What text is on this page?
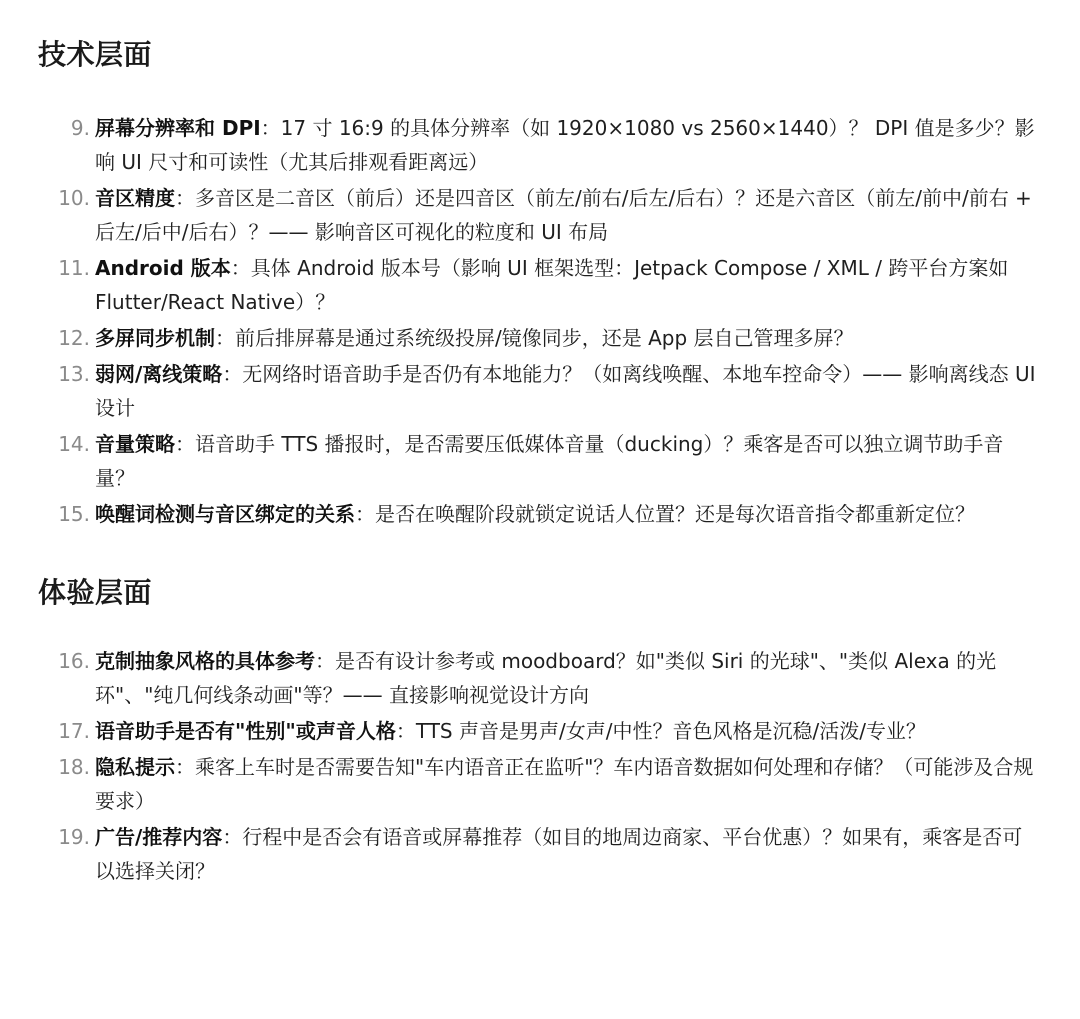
技术层面
9. 屏幕分辨率和 DPI：17 寸 16:9 的具体分辨率（如 1920×1080 vs 2560×1440）？ DPI 值是多少？影响 UI 尺寸和可读性（尤其后排观看距离远）
10. 音区精度：多音区是二音区（前后）还是四音区（前左/前右/后左/后右）？还是六音区（前左/前中/前右 + 后左/后中/后右）？—— 影响音区可视化的粒度和 UI 布局
11. Android 版本：具体 Android 版本号（影响 UI 框架选型：Jetpack Compose / XML / 跨平台方案如 Flutter/React Native）？
12. 多屏同步机制：前后排屏幕是通过系统级投屏/镜像同步，还是 App 层自己管理多屏？
13. 弱网/离线策略：无网络时语音助手是否仍有本地能力？（如离线唤醒、本地车控命令）—— 影响离线态 UI 设计
14. 音量策略：语音助手 TTS 播报时，是否需要压低媒体音量（ducking）？乘客是否可以独立调节助手音量？
15. 唤醒词检测与音区绑定的关系：是否在唤醒阶段就锁定说话人位置？还是每次语音指令都重新定位？
体验层面
16. 克制抽象风格的具体参考：是否有设计参考或 moodboard？如"类似 Siri 的光球"、"类似 Alexa 的光环"、"纯几何线条动画"等？—— 直接影响视觉设计方向
17. 语音助手是否有"性别"或声音人格：TTS 声音是男声/女声/中性？音色风格是沉稳/活泼/专业？
18. 隐私提示：乘客上车时是否需要告知"车内语音正在监听"？车内语音数据如何处理和存储？（可能涉及合规要求）
19. 广告/推荐内容：行程中是否会有语音或屏幕推荐（如目的地周边商家、平台优惠）？如果有，乘客是否可以选择关闭？
